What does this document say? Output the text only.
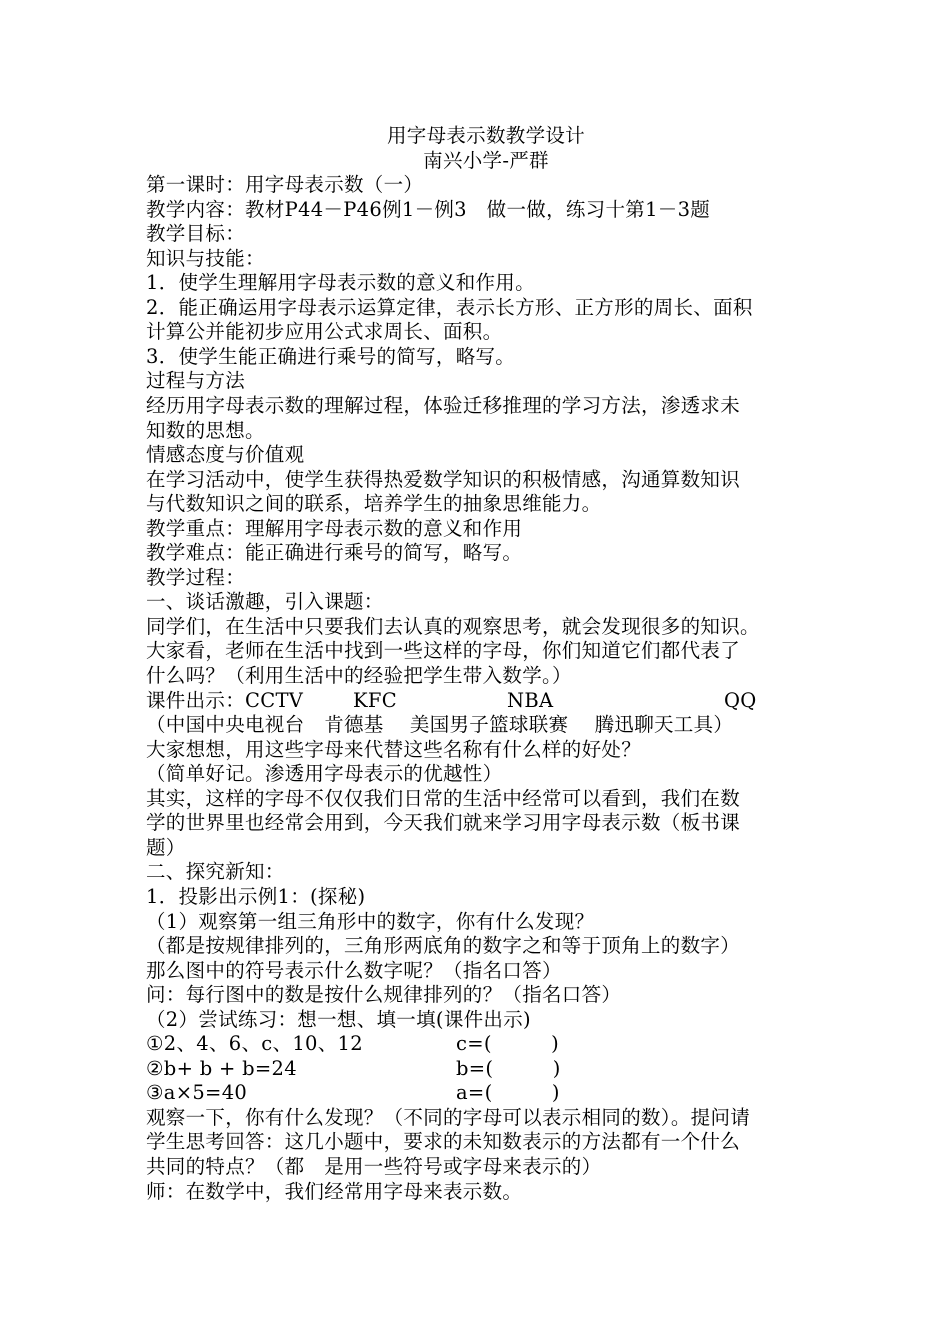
用字母表示数教学设计
南兴小学-严群
第一课时：用字母表示数（一）
教学内容：教材P44－P46例1－例3　做一做，练习十第1－3题
教学目标：
知识与技能：
1．使学生理解用字母表示数的意义和作用。
2．能正确运用字母表示运算定律，表示长方形、正方形的周长、面积
计算公并能初步应用公式求周长、面积。
3．使学生能正确进行乘号的简写，略写。
过程与方法
经历用字母表示数的理解过程，体验迁移推理的学习方法，渗透求未
知数的思想。
情感态度与价值观
在学习活动中，使学生获得热爱数学知识的积极情感，沟通算数知识
与代数知识之间的联系，培养学生的抽象思维能力。
教学重点：理解用字母表示数的意义和作用
教学难点：能正确进行乘号的简写，略写。
教学过程：
一、谈话激趣，引入课题：
同学们，在生活中只要我们去认真的观察思考，就会发现很多的知识。
大家看，老师在生活中找到一些这样的字母，你们知道它们都代表了
什么吗？（利用生活中的经验把学生带入数学。）
课件出示：CCTV	KFC	NBA	QQ
（中国中央电视台　肯德基　 美国男子篮球联赛　 腾迅聊天工具）
大家想想，用这些字母来代替这些名称有什么样的好处？
（简单好记。渗透用字母表示的优越性）
其实，这样的字母不仅仅我们日常的生活中经常可以看到，我们在数
学的世界里也经常会用到，今天我们就来学习用字母表示数（板书课
题）
二、探究新知：
1．投影出示例1：(探秘)
（1）观察第一组三角形中的数字，你有什么发现？
（都是按规律排列的，三角形两底角的数字之和等于顶角上的数字）
那么图中的符号表示什么数字呢？（指名口答）
问：每行图中的数是按什么规律排列的？（指名口答）
（2）尝试练习：想一想、填一填(课件出示)
①2、4、6、c、10、12	c=(　　　)
②b+ b + b=24	b=(　　　)
③a×5=40	a=(　　　)
观察一下，你有什么发现？（不同的字母可以表示相同的数）。提问请
学生思考回答：这几小题中，要求的未知数表示的方法都有一个什么
共同的特点？（都　是用一些符号或字母来表示的）
师：在数学中，我们经常用字母来表示数。
